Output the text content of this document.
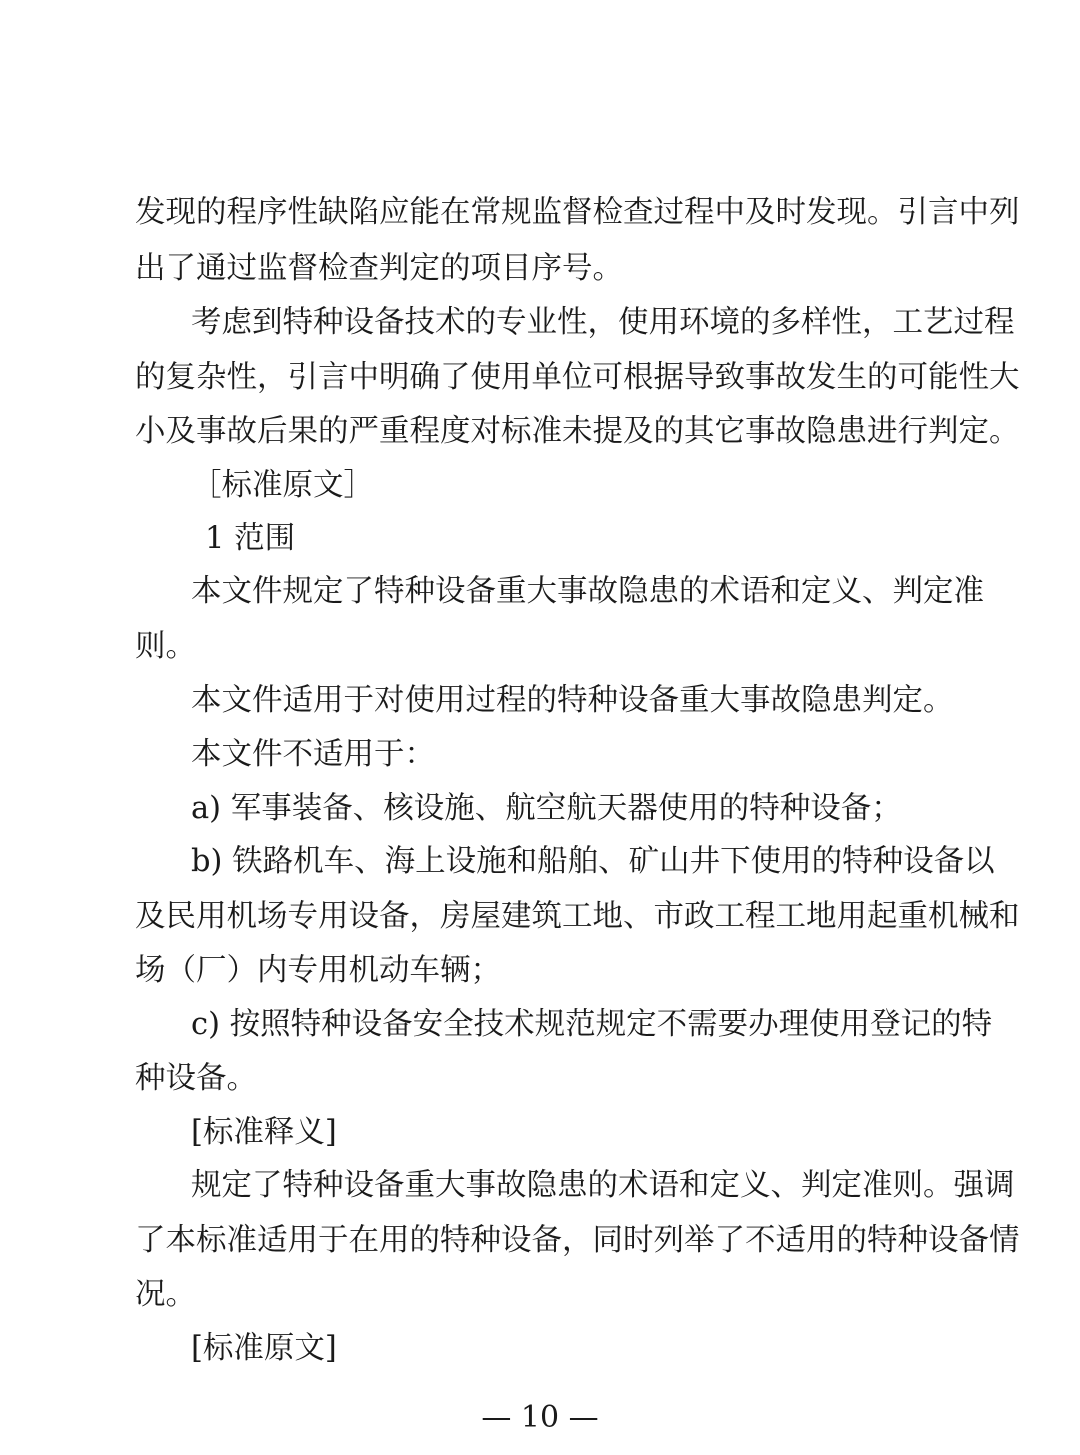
发现的程序性缺陷应能在常规监督检查过程中及时发现。引言中列
出了通过监督检查判定的项目序号。
考虑到特种设备技术的专业性，使用环境的多样性，工艺过程
的复杂性，引言中明确了使用单位可根据导致事故发生的可能性大
小及事故后果的严重程度对标准未提及的其它事故隐患进行判定。
［标准原文］
1 范围
本文件规定了特种设备重大事故隐患的术语和定义、判定准
则。
本文件适用于对使用过程的特种设备重大事故隐患判定。
本文件不适用于：
a) 军事装备、核设施、航空航天器使用的特种设备；
b) 铁路机车、海上设施和船舶、矿山井下使用的特种设备以
及民用机场专用设备，房屋建筑工地、市政工程工地用起重机械和
场（厂）内专用机动车辆；
c) 按照特种设备安全技术规范规定不需要办理使用登记的特
种设备。
[标准释义]
规定了特种设备重大事故隐患的术语和定义、判定准则。强调
了本标准适用于在用的特种设备，同时列举了不适用的特种设备情
况。
[标准原文]
— 10 —
